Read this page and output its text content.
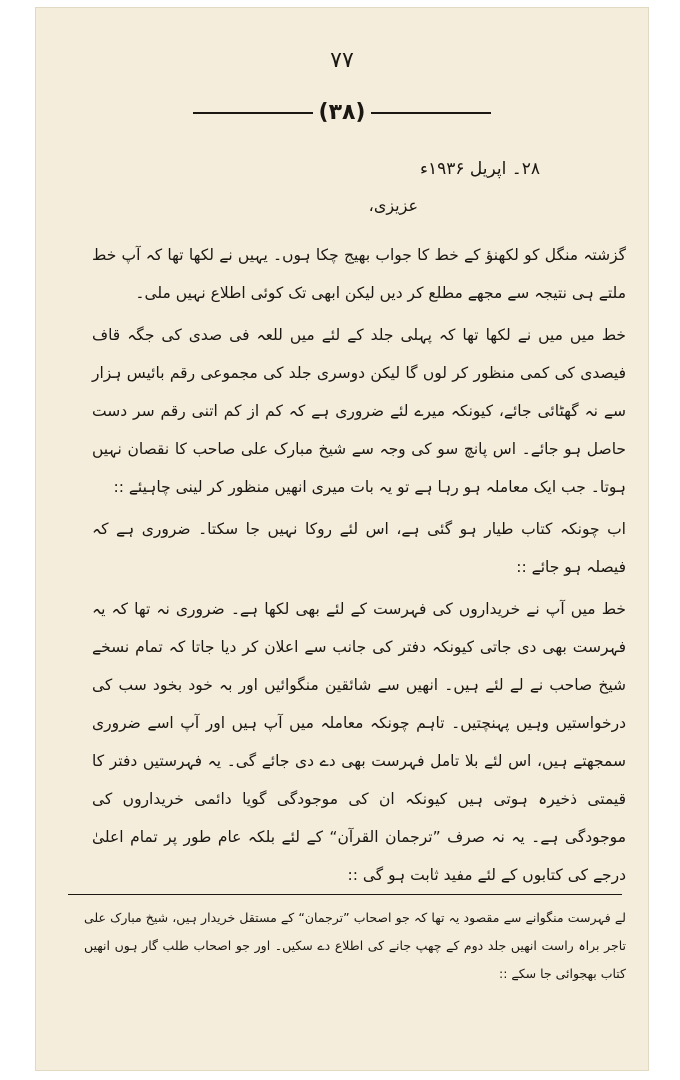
۷۷
(۳۸)
۲۸۔ اپریل ۱۹۳۶ء
عزیزی،

گزشتہ منگل کو لکھنؤ کے خط کا جواب بھیج چکا ہوں۔ یہیں نے لکھا تھا کہ آپ خط ملتے ہی نتیجہ سے مجھے مطلع کر دیں لیکن ابھی تک کوئی اطلاع نہیں ملی۔

خط میں میں نے لکھا تھا کہ پہلی جلد کے لئے میں للعہ فی صدی کی جگہ قاف فیصدی کی کمی منظور کر لوں گا لیکن دوسری جلد کی مجموعی رقم بائیس ہزار سے نہ گھٹائی جائے، کیونکہ میرے لئے ضروری ہے کہ کم از کم اتنی رقم سر دست حاصل ہو جائے۔ اس پانچ سو کی وجہ سے شیخ مبارک علی صاحب کا نقصان نہیں ہوتا۔ جب ایک معاملہ ہو رہا ہے تو یہ بات میری انھیں منظور کر لینی چاہیئے ::

اب چونکہ کتاب طیار ہو گئی ہے، اس لئے روکا نہیں جا سکتا۔ ضروری ہے کہ فیصلہ ہو جائے ::

خط میں آپ نے خریداروں کی فہرست کے لئے بھی لکھا ہے۔ ضروری نہ تھا کہ یہ فہرست بھی دی جاتی کیونکہ دفتر کی جانب سے اعلان کر دیا جاتا کہ تمام نسخے شیخ صاحب نے لے لئے ہیں۔ انھیں سے شائقین منگوائیں اور بہ خود بخود سب کی درخواستیں وہیں پہنچتیں۔ تاہم چونکہ معاملہ میں آپ ہیں اور آپ اسے ضروری سمجھتے ہیں، اس لئے بلا تامل فہرست بھی دے دی جائے گی۔ یہ فہرستیں دفتر کا قیمتی ذخیرہ ہوتی ہیں کیونکہ ان کی موجودگی گویا دائمی خریداروں کی موجودگی ہے۔ یہ نہ صرف ”ترجمان القرآن“ کے لئے بلکہ عام طور پر تمام اعلیٰ درجے کی کتابوں کے لئے مفید ثابت ہو گی ::

لے فہرست منگوانے سے مقصود یہ تھا کہ جو اصحاب ”ترجمان“ کے مستقل خریدار ہیں، شیخ مبارک علی تاجر براہ راست انھیں جلد دوم کے چھپ جانے کی اطلاع دے سکیں۔ اور جو اصحاب طلب گار ہوں انھیں کتاب بھجوائی جا سکے ::
